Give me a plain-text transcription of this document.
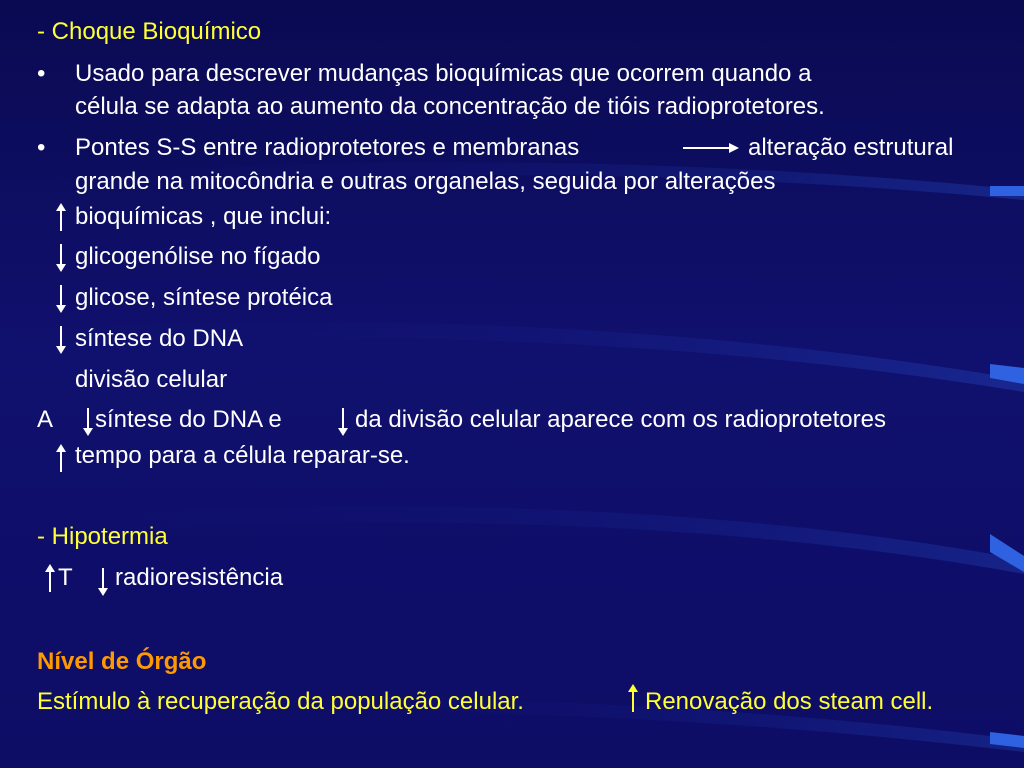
- Choque Bioquímico
• Usado para descrever mudanças bioquímicas que ocorrem quando a
célula se adapta ao aumento da concentração de tióis radioprotetores.
• Pontes S-S entre radioprotetores e membranas	alteração estrutural
grande na mitocôndria e outras organelas, seguida por alterações
bioquímicas , que inclui:
glicogenólise no fígado
glicose, síntese protéica
síntese do DNA
divisão celular
A síntese do DNA e	da divisão celular aparece com os radioprotetores
tempo para a célula reparar-se.
- Hipotermia
T radioresistência
Nível de Órgão
Estímulo à recuperação da população celular.	Renovação dos steam cell.
